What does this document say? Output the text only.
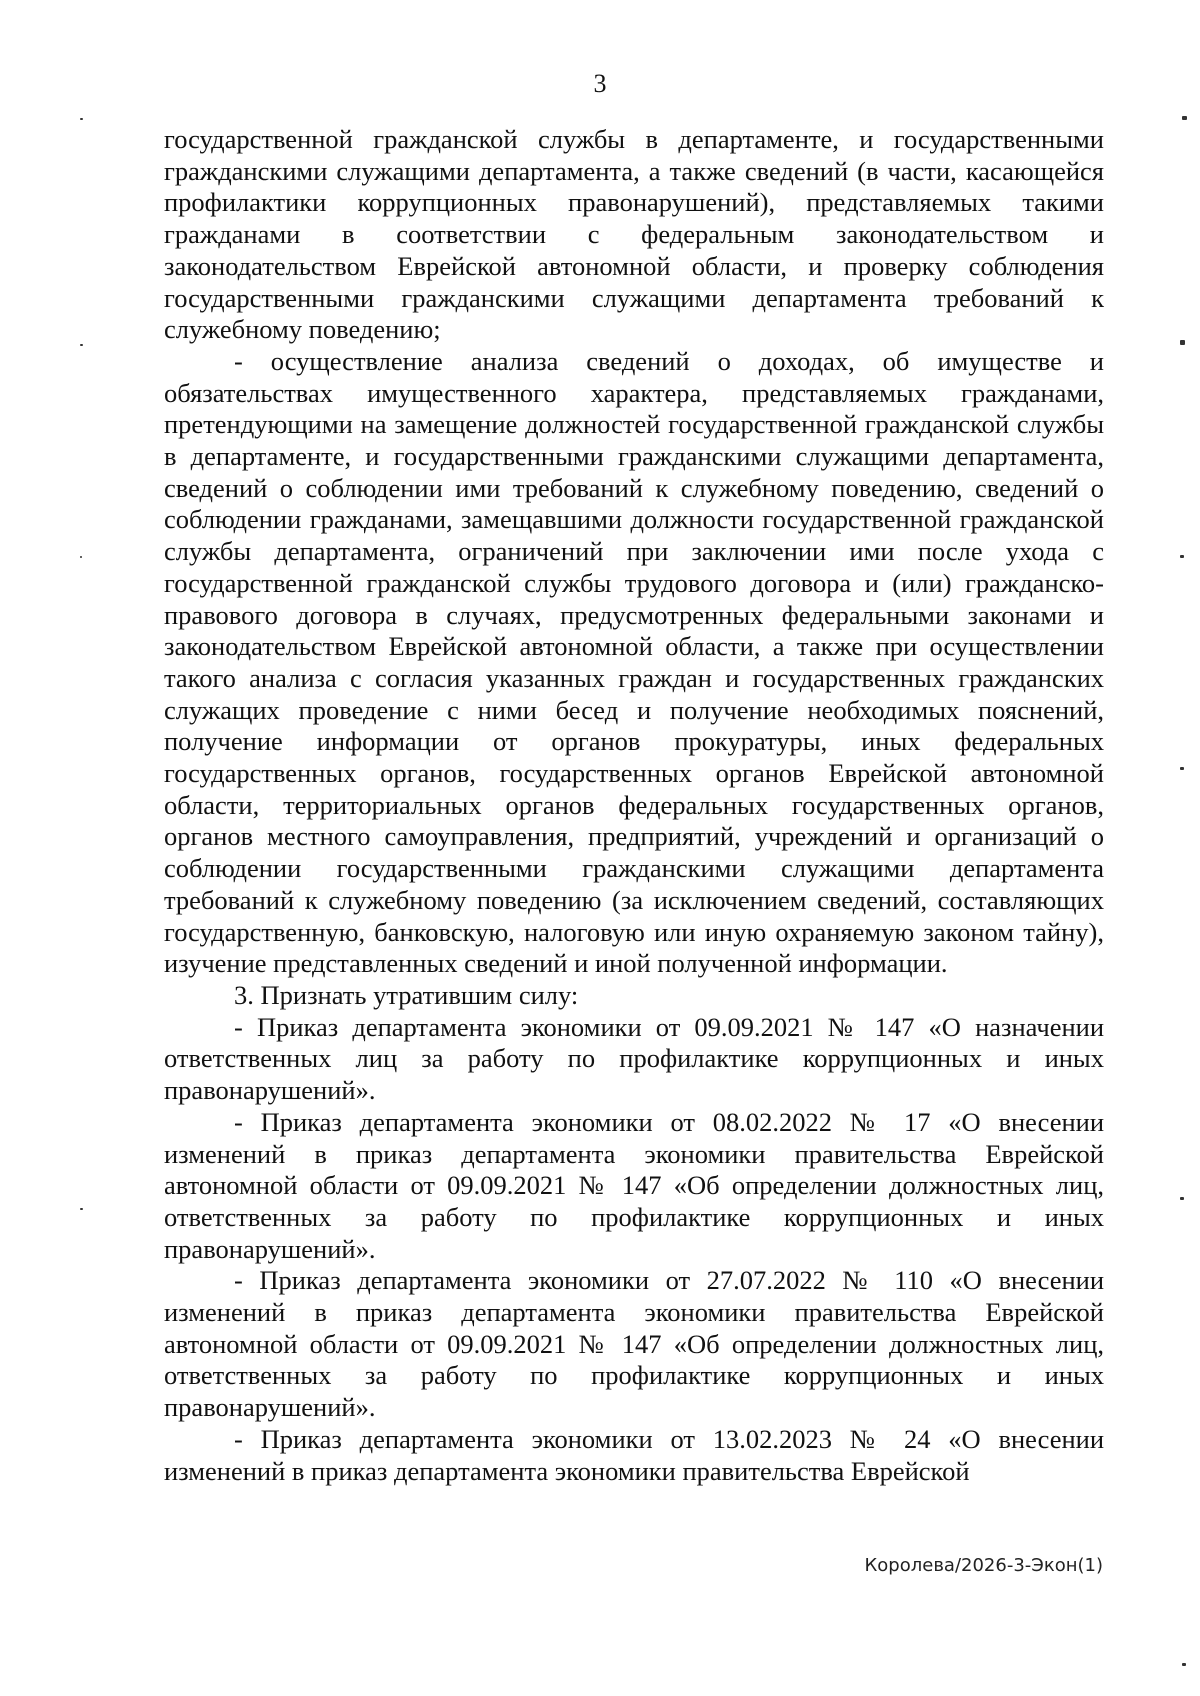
3

государственной гражданской службы в департаменте, и государственными гражданскими служащими департамента, а также сведений (в части, касающейся профилактики коррупционных правонарушений), представляемых такими гражданами в соответствии с федеральным законодательством и законодательством Еврейской автономной области, и проверку соблюдения государственными гражданскими служащими департамента требований к служебному поведению;

- осуществление анализа сведений о доходах, об имуществе и обязательствах имущественного характера, представляемых гражданами, претендующими на замещение должностей государственной гражданской службы в департаменте, и государственными гражданскими служащими департамента, сведений о соблюдении ими требований к служебному поведению, сведений о соблюдении гражданами, замещавшими должности государственной гражданской службы департамента, ограничений при заключении ими после ухода с государственной гражданской службы трудового договора и (или) гражданско-правового договора в случаях, предусмотренных федеральными законами и законодательством Еврейской автономной области, а также при осуществлении такого анализа с согласия указанных граждан и государственных гражданских служащих проведение с ними бесед и получение необходимых пояснений, получение информации от органов прокуратуры, иных федеральных государственных органов, государственных органов Еврейской автономной области, территориальных органов федеральных государственных органов, органов местного самоуправления, предприятий, учреждений и организаций о соблюдении государственными гражданскими служащими департамента требований к служебному поведению (за исключением сведений, составляющих государственную, банковскую, налоговую или иную охраняемую законом тайну), изучение представленных сведений и иной полученной информации.

3. Признать утратившим силу:

- Приказ департамента экономики от 09.09.2021 № 147 «О назначении ответственных лиц за работу по профилактике коррупционных и иных правонарушений».

- Приказ департамента экономики от 08.02.2022 № 17 «О внесении изменений в приказ департамента экономики правительства Еврейской автономной области от 09.09.2021 № 147 «Об определении должностных лиц, ответственных за работу по профилактике коррупционных и иных правонарушений».

- Приказ департамента экономики от 27.07.2022 № 110 «О внесении изменений в приказ департамента экономики правительства Еврейской автономной области от 09.09.2021 № 147 «Об определении должностных лиц, ответственных за работу по профилактике коррупционных и иных правонарушений».

- Приказ департамента экономики от 13.02.2023 № 24 «О внесении изменений в приказ департамента экономики правительства Еврейской

Королева/2026-3-Экон(1)
